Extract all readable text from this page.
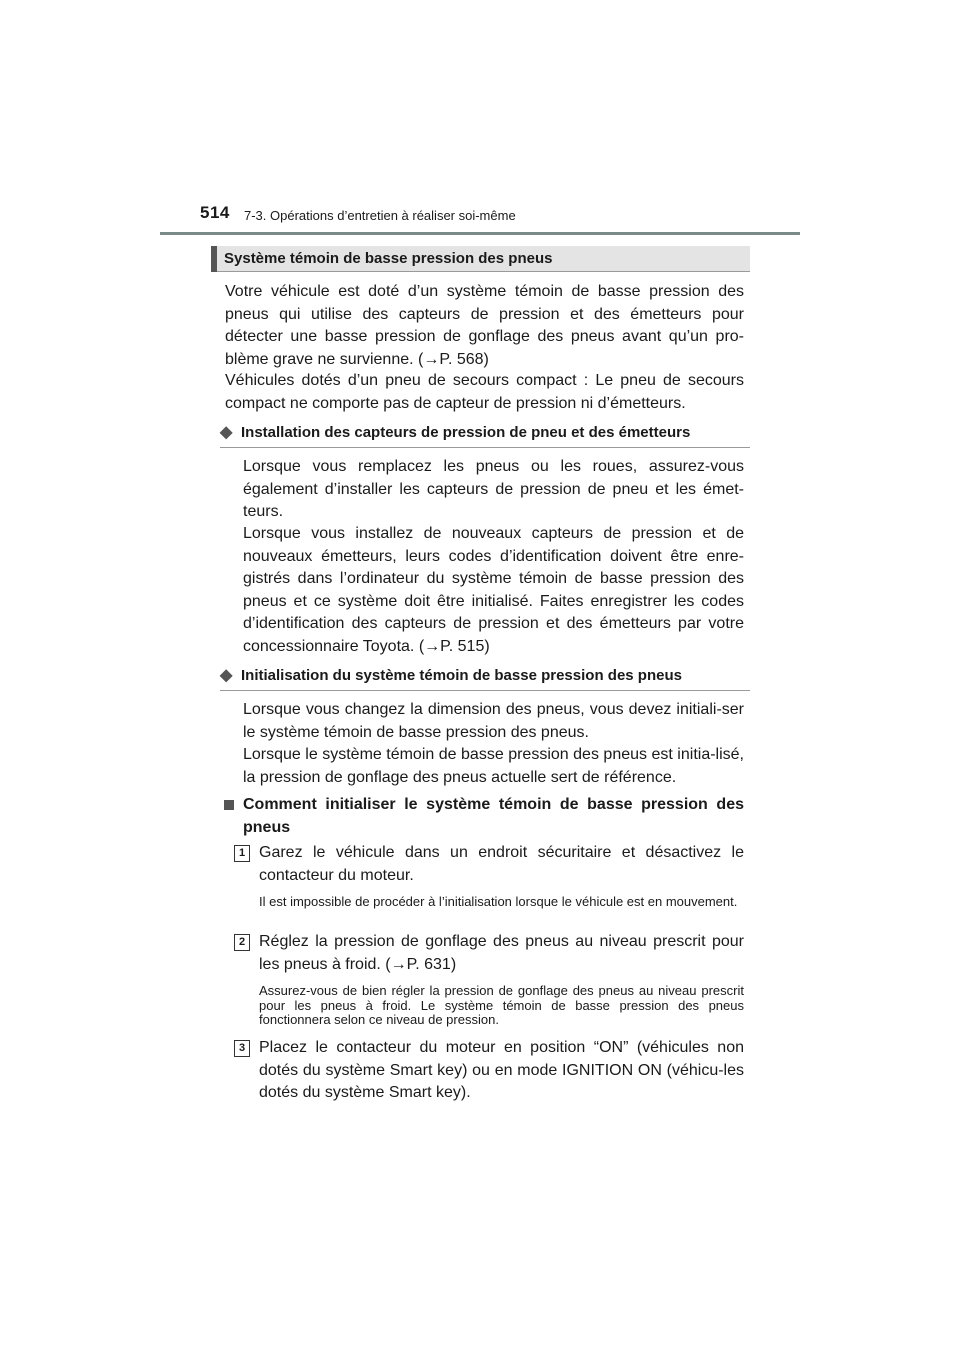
514 7-3. Opérations d’entretien à réaliser soi-même
Système témoin de basse pression des pneus

Votre véhicule est doté d’un système témoin de basse pression des pneus qui utilise des capteurs de pression et des émetteurs pour détecter une basse pression de gonflage des pneus avant qu’un pro-blème grave ne survienne. (→P. 568)

Véhicules dotés d’un pneu de secours compact : Le pneu de secours compact ne comporte pas de capteur de pression ni d’émetteurs.

◆ Installation des capteurs de pression de pneu et des émetteurs

Lorsque vous remplacez les pneus ou les roues, assurez-vous également d’installer les capteurs de pression de pneu et les émet-teurs.

Lorsque vous installez de nouveaux capteurs de pression et de nouveaux émetteurs, leurs codes d’identification doivent être enre-gistrés dans l’ordinateur du système témoin de basse pression des pneus et ce système doit être initialisé. Faites enregistrer les codes d’identification des capteurs de pression et des émetteurs par votre concessionnaire Toyota. (→P. 515)

◆ Initialisation du système témoin de basse pression des pneus

Lorsque vous changez la dimension des pneus, vous devez initiali-ser le système témoin de basse pression des pneus.

Lorsque le système témoin de basse pression des pneus est initia-lisé, la pression de gonflage des pneus actuelle sert de référence.

Comment initialiser le système témoin de basse pression des pneus

1 Garez le véhicule dans un endroit sécuritaire et désactivez le contacteur du moteur.

Il est impossible de procéder à l’initialisation lorsque le véhicule est en mouvement.

2 Réglez la pression de gonflage des pneus au niveau prescrit pour les pneus à froid. (→P. 631)

Assurez-vous de bien régler la pression de gonflage des pneus au niveau prescrit pour les pneus à froid. Le système témoin de basse pression des pneus fonctionnera selon ce niveau de pression.

3 Placez le contacteur du moteur en position “ON” (véhicules non dotés du système Smart key) ou en mode IGNITION ON (véhicu-les dotés du système Smart key).
